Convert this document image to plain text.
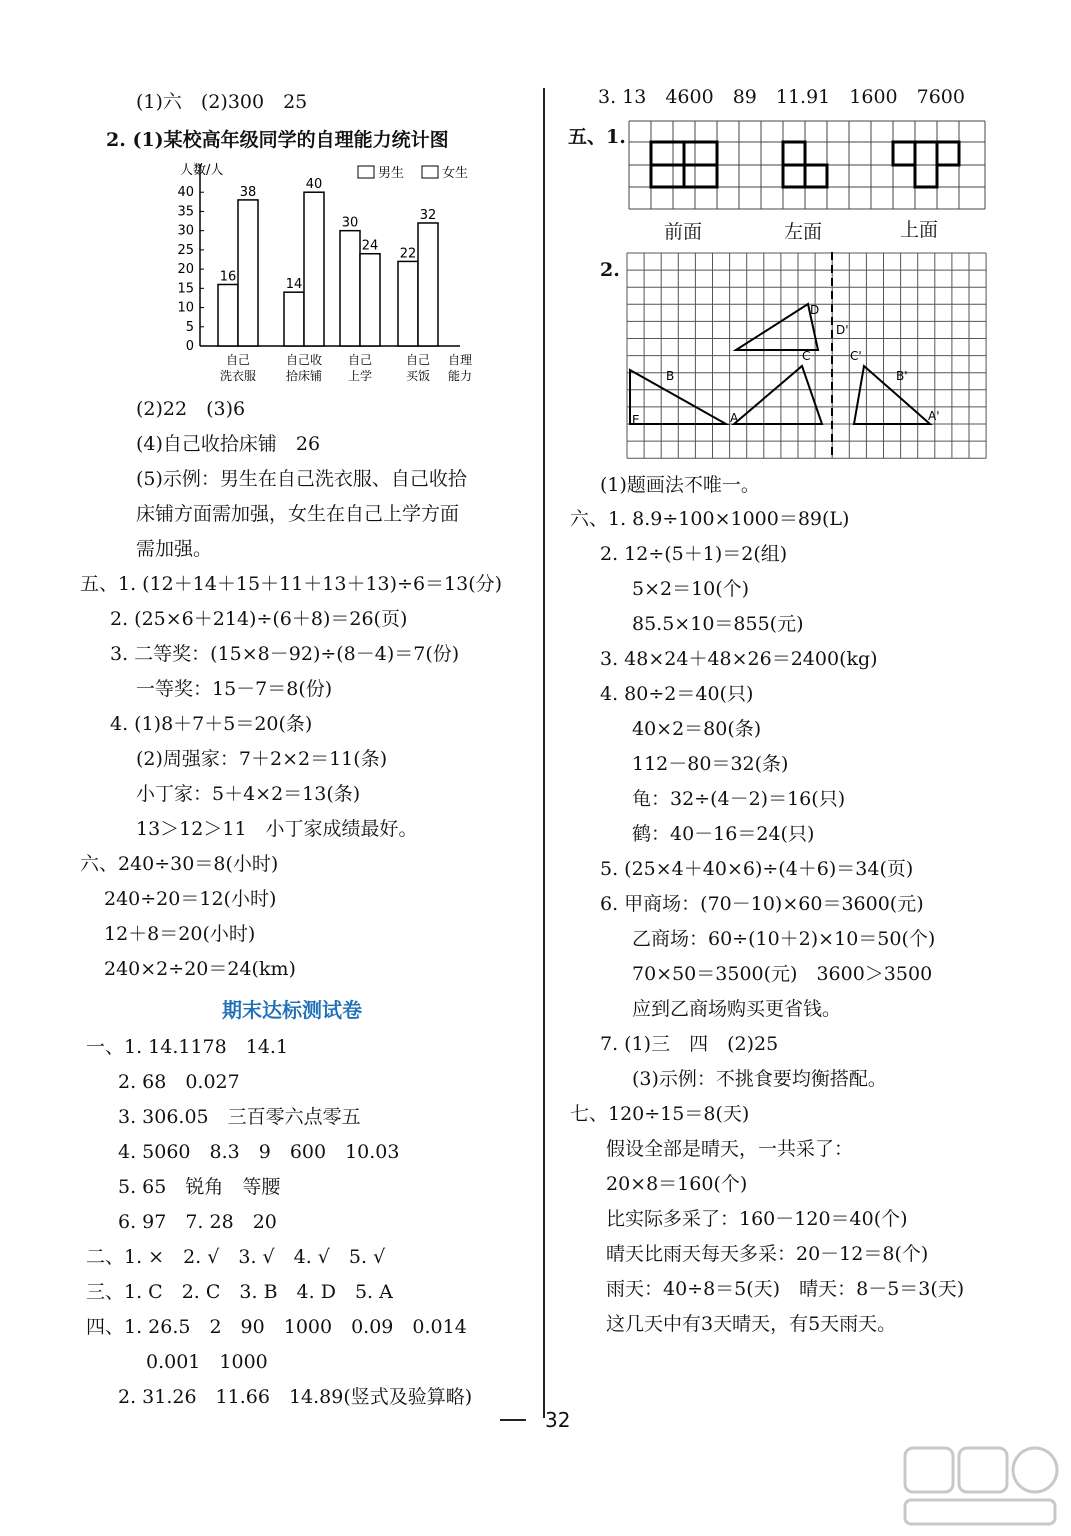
(1)六　(2)300　25
2. (1)某校高年级同学的自理能力统计图
人数/人
0
5
10
15
20
25
30
35
40
男生	女生
16
38
自己
洗衣服
14
40
自己收
拾床铺
30
24
自己
上学
22
32
自己
买饭
自理
能力
(2)22　(3)6
(4)自己收拾床铺　26
(5)示例：男生在自己洗衣服、自己收拾
床铺方面需加强，女生在自己上学方面
需加强。
五、1. (12＋14＋15＋11＋13＋13)÷6＝13(分)
2. (25×6＋214)÷(6＋8)＝26(页)
3. 二等奖：(15×8－92)÷(8－4)＝7(份)
一等奖：15－7＝8(份)
4. (1)8＋7＋5＝20(条)
(2)周强家：7＋2×2＝11(条)
小丁家：5＋4×2＝13(条)
13＞12＞11　小丁家成绩最好。
六、240÷30＝8(小时)
240÷20＝12(小时)
12＋8＝20(小时)
240×2÷20＝24(km)
期末达标测试卷
一、1. 14.1178　14.1
2. 68　0.027
3. 306.05　三百零六点零五
4. 5060　8.3　9　600　10.03
5. 65　锐角　等腰
6. 97　7. 28　20
二、1. ×　2. √　3. √　4. √　5. √
三、1. C　2. C　3. B　4. D　5. A
四、1. 26.5　2　90　1000　0.09　0.014
0.001　1000
2. 31.26　11.66　14.89(竖式及验算略)
3. 13　4600　89　11.91　1600　7600
五、1.
前面	左面	上面
2.
D
C
B
A
E
D'
C'
B'
A'
(1)题画法不唯一。
六、1. 8.9÷100×1000＝89(L)
2. 12÷(5＋1)＝2(组)
5×2＝10(个)
85.5×10＝855(元)
3. 48×24＋48×26＝2400(kg)
4. 80÷2＝40(只)
40×2＝80(条)
112－80＝32(条)
龟：32÷(4－2)＝16(只)
鹤：40－16＝24(只)
5. (25×4＋40×6)÷(4＋6)＝34(页)
6. 甲商场：(70－10)×60＝3600(元)
乙商场：60÷(10＋2)×10＝50(个)
70×50＝3500(元)　3600＞3500
应到乙商场购买更省钱。
7. (1)三　四　(2)25
(3)示例：不挑食要均衡搭配。
七、120÷15＝8(天)
假设全部是晴天，一共采了：
20×8＝160(个)
比实际多采了：160－120＝40(个)
晴天比雨天每天多采：20－12＝8(个)
雨天：40÷8＝5(天)　晴天：8－5＝3(天)
这几天中有3天晴天，有5天雨天。
32
